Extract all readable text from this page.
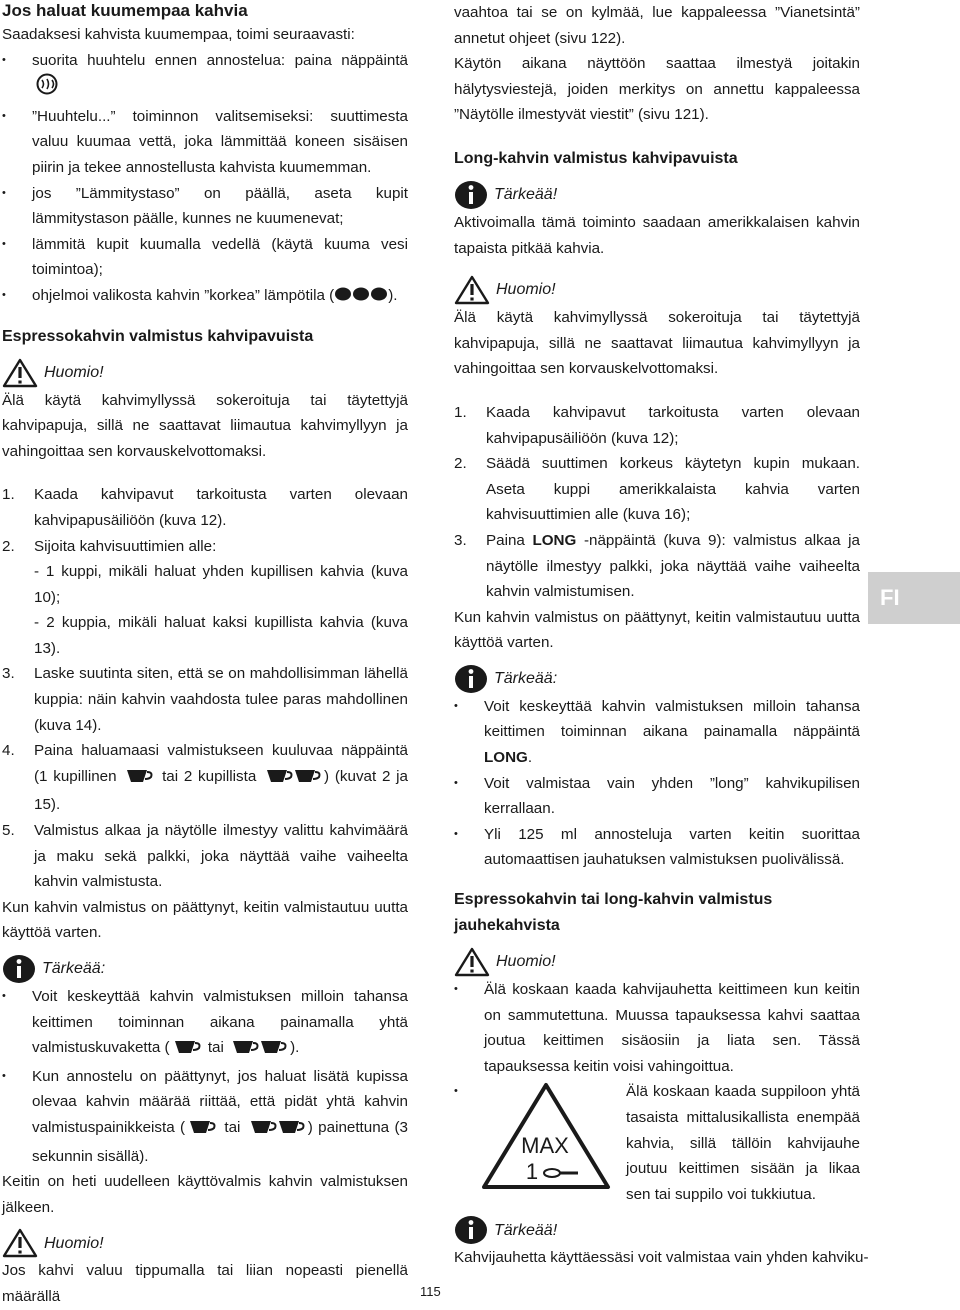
Jos haluat kuumempaa kahvia

Saadaksesi kahvista kuumempaa, toimi seuraavasti:

• suorita huuhtelu ennen annostelua: paina näppäintä
• ”Huuhtelu...” toiminnon valitsemiseksi: suuttimesta valuu kuumaa vettä, joka lämmittää koneen sisäisen piirin ja tekee annostellusta kahvista kuumemman.
• jos ”Lämmitystaso” on päällä, aseta kupit lämmitystason päälle, kunnes ne kuumenevat;
• lämmitä kupit kuumalla vedellä (käytä kuuma vesi toimintoa);
• ohjelmoi valikosta kahvin ”korkea” lämpötila (	).
Espressokahvin valmistus kahvipavuista
Huomio!

Älä käytä kahvimyllyssä sokeroituja tai täytettyjä kahvipapuja, sillä ne saattavat liimautua kahvimyllyyn ja vahingoittaa sen korvauskelvottomaksi.

1. Kaada kahvipavut tarkoitusta varten olevaan kahvipapusäiliöön (kuva 12).
2. Sijoita kahvisuuttimien alle:
- 1 kuppi, mikäli haluat yhden kupillisen kahvia (kuva 10);
- 2 kuppia, mikäli haluat kaksi kupillista kahvia (kuva 13).
3. Laske suutinta siten, että se on mahdollisimman lähellä kuppia: näin kahvin vaahdosta tulee paras mahdollinen (kuva 14).
4. Paina haluamaasi valmistukseen kuuluvaa näppäintä (1 kupillinen	tai 2 kupillista	) (kuvat 2 ja 15).
5. Valmistus alkaa ja näytölle ilmestyy valittu kahvimäärä ja maku sekä palkki, joka näyttää vaihe vaiheelta kahvin valmistusta.

Kun kahvin valmistus on päättynyt, keitin valmistautuu uutta käyttöä varten.

Tärkeää:
• Voit keskeyttää kahvin valmistuksen milloin tahansa keittimen toiminnan aikana painamalla yhtä valmistuskuvaketta (	tai	).
• Kun annostelu on päättynyt, jos haluat lisätä kupissa olevaa kahvin määrää riittää, että pidät yhtä kahvin valmistuspainikkeista (	tai	) painettuna (3 sekunnin sisällä).

Keitin on heti uudelleen käyttövalmis kahvin valmistuksen jälkeen.

Huomio!

Jos kahvi valuu tippumalla tai liian nopeasti pienellä määrällä

vaahtoa tai se on kylmää, lue kappaleessa ”Vianetsintä” annetut ohjeet (sivu 122).

Käytön aikana näyttöön saattaa ilmestyä joitakin hälytysviestejä, joiden merkitys on annettu kappaleessa ”Näytölle ilmestyvät viestit” (sivu 121).

Long-kahvin valmistus kahvipavuista
Tärkeää!

Aktivoimalla tämä toiminto saadaan amerikkalaisen kahvin tapaista pitkää kahvia.

Huomio!

Älä käytä kahvimyllyssä sokeroituja tai täytettyjä kahvipapuja, sillä ne saattavat liimautua kahvimyllyyn ja vahingoittaa sen korvauskelvottomaksi.

1. Kaada kahvipavut tarkoitusta varten olevaan kahvipapusäiliöön (kuva 12);
2. Säädä suuttimen korkeus käytetyn kupin mukaan. Aseta kuppi amerikkalaista kahvia varten kahvisuuttimien alle (kuva 16);
3. Paina LONG -näppäintä (kuva 9): valmistus alkaa ja näytölle ilmestyy palkki, joka näyttää vaihe vaiheelta kahvin valmistumisen.

Kun kahvin valmistus on päättynyt, keitin valmistautuu uutta käyttöä varten.

Tärkeää:
• Voit keskeyttää kahvin valmistuksen milloin tahansa keittimen toiminnan aikana painamalla näppäintä LONG.
• Voit valmistaa vain yhden ”long” kahvikupilisen kerrallaan.
• Yli 125 ml annosteluja varten keitin suorittaa automaattisen jauhatuksen valmistuksen puolivälissä.
Espressokahvin tai long-kahvin valmistus jauhekahvista
Huomio!
• Älä koskaan kaada kahvijauhetta keittimeen kun keitin on sammutettuna. Muussa tapauksessa kahvi saattaa joutua keittimen sisäosiin ja liata sen. Tässä tapauksessa keitin voisi vahingoittua.
• MAX
1
Älä koskaan kaada suppiloon yhtä tasaista mittalusikallista enempää kahvia, sillä tällöin kahvijauhe joutuu keittimen sisään ja likaa sen tai suppilo voi tukkiutua.
Tärkeää!

Kahvijauhetta käyttäessäsi voit valmistaa vain yhden kahviku-

FI
115
